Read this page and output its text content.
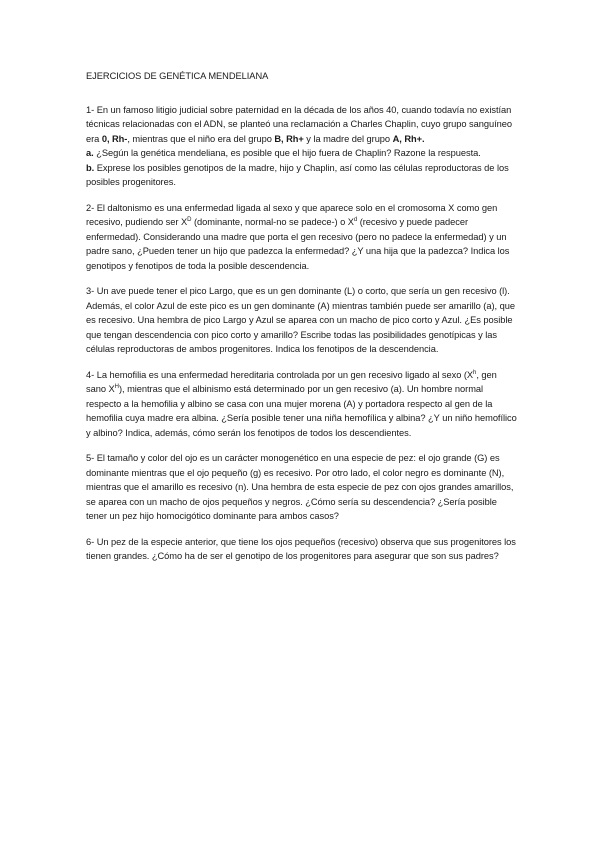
EJERCICIOS DE GENÉTICA MENDELIANA

1- En un famoso litigio judicial sobre paternidad en la década de los años 40, cuando todavía no existían técnicas relacionadas con el ADN, se planteó una reclamación a Charles Chaplin, cuyo grupo sanguíneo era 0, Rh-, mientras que el niño era del grupo B, Rh+ y la madre del grupo A, Rh+.

a. ¿Según la genética mendeliana, es posible que el hijo fuera de Chaplin? Razone la respuesta.

b. Exprese los posibles genotipos de la madre, hijo y Chaplin, así como las células reproductoras de los posibles progenitores.

2- El daltonismo es una enfermedad ligada al sexo y que aparece solo en el cromosoma X como gen recesivo, pudiendo ser $X^D$ (dominante, normal-no se padece-) o $X^d$ (recesivo y puede padecer enfermedad). Considerando una madre que porta el gen recesivo (pero no padece la enfermedad) y un padre sano, ¿Pueden tener un hijo que padezca la enfermedad? ¿Y una hija que la padezca? Indica los genotipos y fenotipos de toda la posible descendencia.

3- Un ave puede tener el pico Largo, que es un gen dominante (L) o corto, que sería un gen recesivo (l). Además, el color Azul de este pico es un gen dominante (A) mientras también puede ser amarillo (a), que es recesivo. Una hembra de pico Largo y Azul se aparea con un macho de pico corto y Azul. ¿Es posible que tengan descendencia con pico corto y amarillo? Escribe todas las posibilidades genotípicas y las células reproductoras de ambos progenitores. Indica los fenotipos de la descendencia.

4- La hemofilia es una enfermedad hereditaria controlada por un gen recesivo ligado al sexo ($X^h$, gen sano $X^H$), mientras que el albinismo está determinado por un gen recesivo (a). Un hombre normal respecto a la hemofilia y albino se casa con una mujer morena (A) y portadora respecto al gen de la hemofilia cuya madre era albina. ¿Sería posible tener una niña hemofílica y albina? ¿Y un niño hemofílico y albino? Indica, además, cómo serán los fenotipos de todos los descendientes.

5- El tamaño y color del ojo es un carácter monogenético en una especie de pez: el ojo grande (G) es dominante mientras que el ojo pequeño (g) es recesivo. Por otro lado, el color negro es dominante (N), mientras que el amarillo es recesivo (n). Una hembra de esta especie de pez con ojos grandes amarillos, se aparea con un macho de ojos pequeños y negros. ¿Cómo sería su descendencia? ¿Sería posible tener un pez hijo homocigótico dominante para ambos casos?

6- Un pez de la especie anterior, que tiene los ojos pequeños (recesivo) observa que sus progenitores los tienen grandes. ¿Cómo ha de ser el genotipo de los progenitores para asegurar que son sus padres?
